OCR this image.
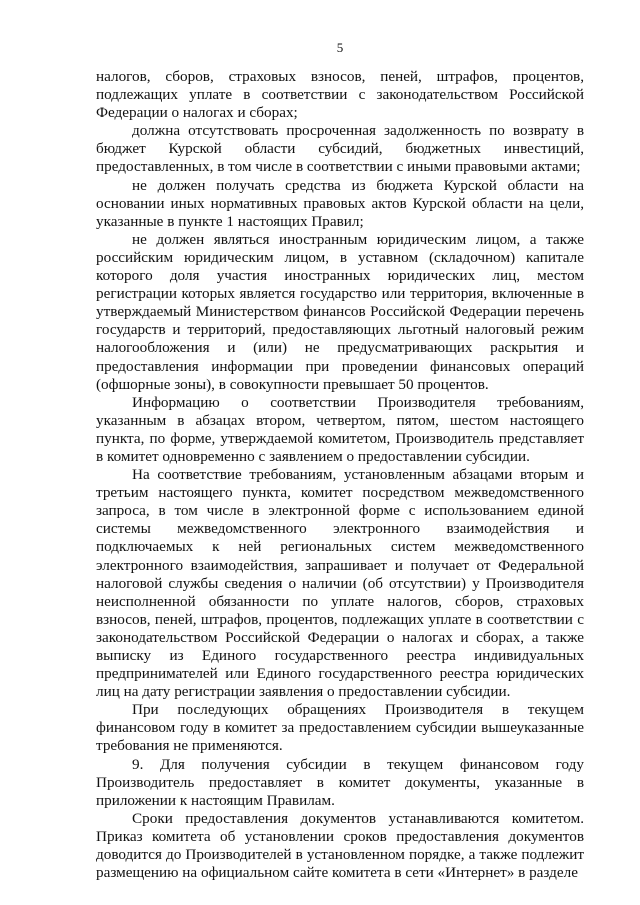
5

налогов, сборов, страховых взносов, пеней, штрафов, процентов, подлежащих уплате в соответствии с законодательством Российской Федерации о налогах и сборах;

должна отсутствовать просроченная задолженность по возврату в бюджет Курской области субсидий, бюджетных инвестиций, предоставленных, в том числе в соответствии с иными правовыми актами;

не должен получать средства из бюджета Курской области на основании иных нормативных правовых актов Курской области на цели, указанные в пункте 1 настоящих Правил;

не должен являться иностранным юридическим лицом, а также российским юридическим лицом, в уставном (складочном) капитале которого доля участия иностранных юридических лиц, местом регистрации которых является государство или территория, включенные в утверждаемый Министерством финансов Российской Федерации перечень государств и территорий, предоставляющих льготный налоговый режим налогообложения и (или) не предусматривающих раскрытия и предоставления информации при проведении финансовых операций (офшорные зоны), в совокупности превышает 50 процентов.

Информацию о соответствии Производителя требованиям, указанным в абзацах втором, четвертом, пятом, шестом настоящего пункта, по форме, утверждаемой комитетом, Производитель представляет в комитет одновременно с заявлением о предоставлении субсидии.

На соответствие требованиям, установленным абзацами вторым и третьим настоящего пункта, комитет посредством межведомственного запроса, в том числе в электронной форме с использованием единой системы межведомственного электронного взаимодействия и подключаемых к ней региональных систем межведомственного электронного взаимодействия, запрашивает и получает от Федеральной налоговой службы сведения о наличии (об отсутствии) у Производителя неисполненной обязанности по уплате налогов, сборов, страховых взносов, пеней, штрафов, процентов, подлежащих уплате в соответствии с законодательством Российской Федерации о налогах и сборах, а также выписку из Единого государственного реестра индивидуальных предпринимателей или Единого государственного реестра юридических лиц на дату регистрации заявления о предоставлении субсидии.

При последующих обращениях Производителя в текущем финансовом году в комитет за предоставлением субсидии вышеуказанные требования не применяются.

9. Для получения субсидии в текущем финансовом году Производитель предоставляет в комитет документы, указанные в приложении к настоящим Правилам.

Сроки предоставления документов устанавливаются комитетом. Приказ комитета об установлении сроков предоставления документов доводится до Производителей в установленном порядке, а также подлежит размещению на официальном сайте комитета в сети «Интернет» в разделе
